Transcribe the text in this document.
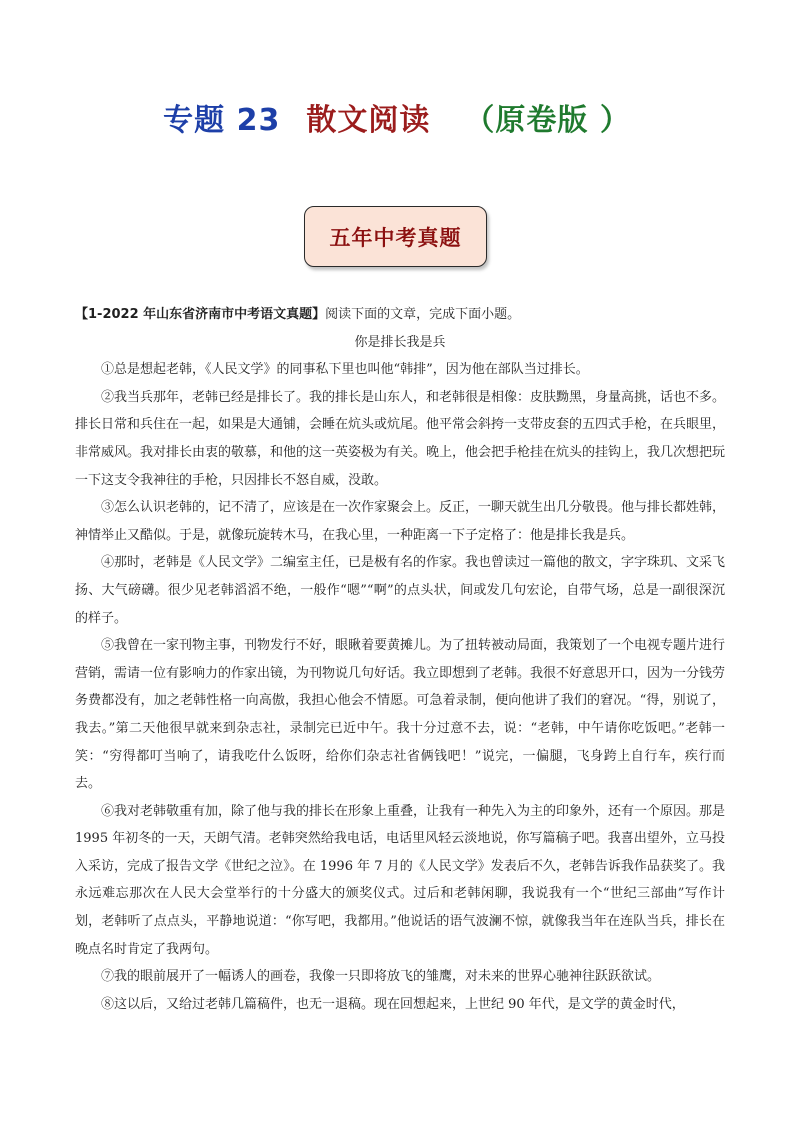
专题 23 散文阅读 （原卷版 ）
五年中考真题

【1-2022 年山东省济南市中考语文真题】阅读下面的文章，完成下面小题。

你是排长我是兵

①总是想起老韩，《人民文学》的同事私下里也叫他“韩排”，因为他在部队当过排长。

②我当兵那年，老韩已经是排长了。我的排长是山东人，和老韩很是相像：皮肤黝黑，身量高挑，话也不多。排长日常和兵住在一起，如果是大通铺，会睡在炕头或炕尾。他平常会斜挎一支带皮套的五四式手枪，在兵眼里，非常威风。我对排长由衷的敬慕，和他的这一英姿极为有关。晚上，他会把手枪挂在炕头的挂钩上，我几次想把玩一下这支令我神往的手枪，只因排长不怒自威，没敢。

③怎么认识老韩的，记不清了，应该是在一次作家聚会上。反正，一聊天就生出几分敬畏。他与排长都姓韩，神情举止又酷似。于是，就像玩旋转木马，在我心里，一种距离一下子定格了：他是排长我是兵。

④那时，老韩是《人民文学》二编室主任，已是极有名的作家。我也曾读过一篇他的散文，字字珠玑、文采飞扬、大气磅礴。很少见老韩滔滔不绝，一般作“嗯”“啊”的点头状，间或发几句宏论，自带气场，总是一副很深沉的样子。

⑤我曾在一家刊物主事，刊物发行不好，眼瞅着要黄摊儿。为了扭转被动局面，我策划了一个电视专题片进行营销，需请一位有影响力的作家出镜，为刊物说几句好话。我立即想到了老韩。我很不好意思开口，因为一分钱劳务费都没有，加之老韩性格一向高傲，我担心他会不情愿。可急着录制，便向他讲了我们的窘况。“得，别说了，我去。”第二天他很早就来到杂志社，录制完已近中午。我十分过意不去，说：“老韩，中午请你吃饭吧。”老韩一笑：“穷得都叮当响了，请我吃什么饭呀，给你们杂志社省俩钱吧！”说完，一偏腿，飞身跨上自行车，疾行而去。

⑥我对老韩敬重有加，除了他与我的排长在形象上重叠，让我有一种先入为主的印象外，还有一个原因。那是 1995 年初冬的一天，天朗气清。老韩突然给我电话，电话里风轻云淡地说，你写篇稿子吧。我喜出望外，立马投入采访，完成了报告文学《世纪之泣》。在 1996 年 7 月的《人民文学》发表后不久，老韩告诉我作品获奖了。我永远难忘那次在人民大会堂举行的十分盛大的颁奖仪式。过后和老韩闲聊，我说我有一个“世纪三部曲”写作计划，老韩听了点点头，平静地说道：“你写吧，我都用。”他说话的语气波澜不惊，就像我当年在连队当兵，排长在晚点名时肯定了我两句。

⑦我的眼前展开了一幅诱人的画卷，我像一只即将放飞的雏鹰，对未来的世界心驰神往跃跃欲试。

⑧这以后，又给过老韩几篇稿件，也无一退稿。现在回想起来，上世纪 90 年代，是文学的黄金时代，
